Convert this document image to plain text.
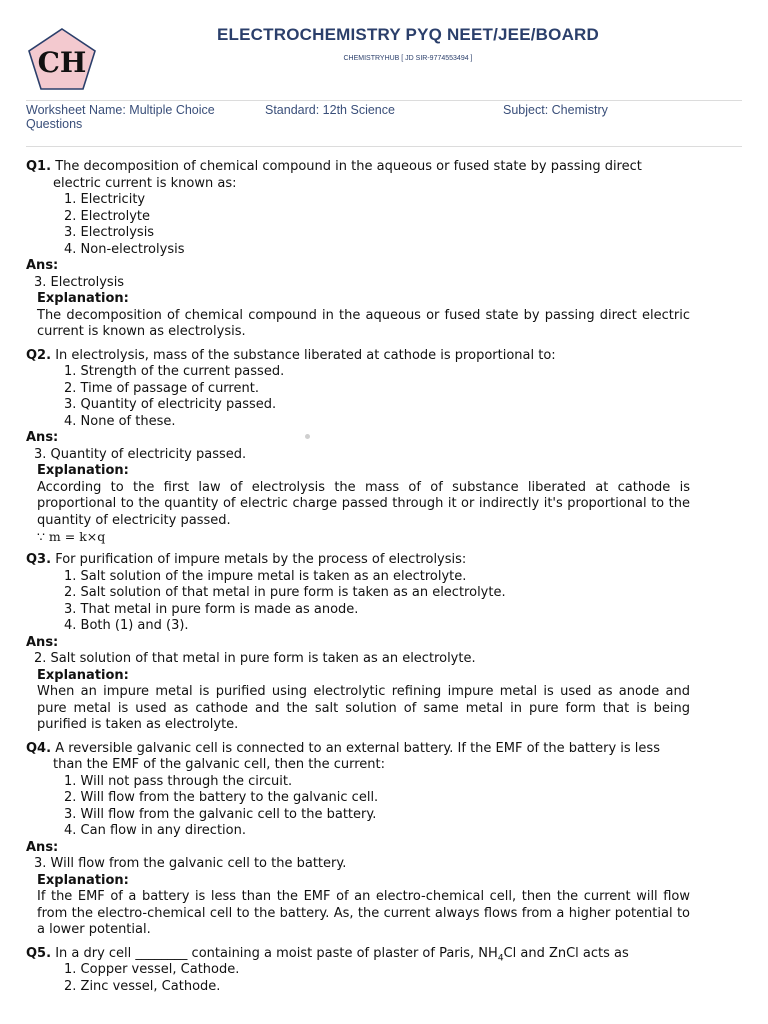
CH
ELECTROCHEMISTRY PYQ NEET/JEE/BOARD
CHEMISTRYHUB [ JD SIR-9774553494 ]
Worksheet Name: Multiple Choice Questions
Standard: 12th Science	Subject: Chemistry

Q1. The decomposition of chemical compound in the aqueous or fused state by passing direct electric current is known as:

1. Electricity

2. Electrolyte

3. Electrolysis

4. Non-electrolysis

Ans:

3. Electrolysis

Explanation:

The decomposition of chemical compound in the aqueous or fused state by passing direct electric current is known as electrolysis.

Q2. In electrolysis, mass of the substance liberated at cathode is proportional to:

1. Strength of the current passed.

2. Time of passage of current.

3. Quantity of electricity passed.

4. None of these.

Ans:

3. Quantity of electricity passed.

Explanation:

According to the first law of electrolysis the mass of of substance liberated at cathode is proportional to the quantity of electric charge passed through it or indirectly it's proportional to the quantity of electricity passed.

∵ m = k×q

Q3. For purification of impure metals by the process of electrolysis:

1. Salt solution of the impure metal is taken as an electrolyte.

2. Salt solution of that metal in pure form is taken as an electrolyte.

3. That metal in pure form is made as anode.

4. Both (1) and (3).

Ans:

2. Salt solution of that metal in pure form is taken as an electrolyte.

Explanation:

When an impure metal is purified using electrolytic refining impure metal is used as anode and pure metal is used as cathode and the salt solution of same metal in pure form that is being purified is taken as electrolyte.

Q4. A reversible galvanic cell is connected to an external battery. If the EMF of the battery is less than the EMF of the galvanic cell, then the current:

1. Will not pass through the circuit.

2. Will flow from the battery to the galvanic cell.

3. Will flow from the galvanic cell to the battery.

4. Can flow in any direction.

Ans:

3. Will flow from the galvanic cell to the battery.

Explanation:

If the EMF of a battery is less than the EMF of an electro-chemical cell, then the current will flow from the electro-chemical cell to the battery. As, the current always flows from a higher potential to a lower potential.

Q5. In a dry cell ________ containing a moist paste of plaster of Paris, $NH_4Cl$ and ZnCl acts as

1. Copper vessel, Cathode.

2. Zinc vessel, Cathode.
